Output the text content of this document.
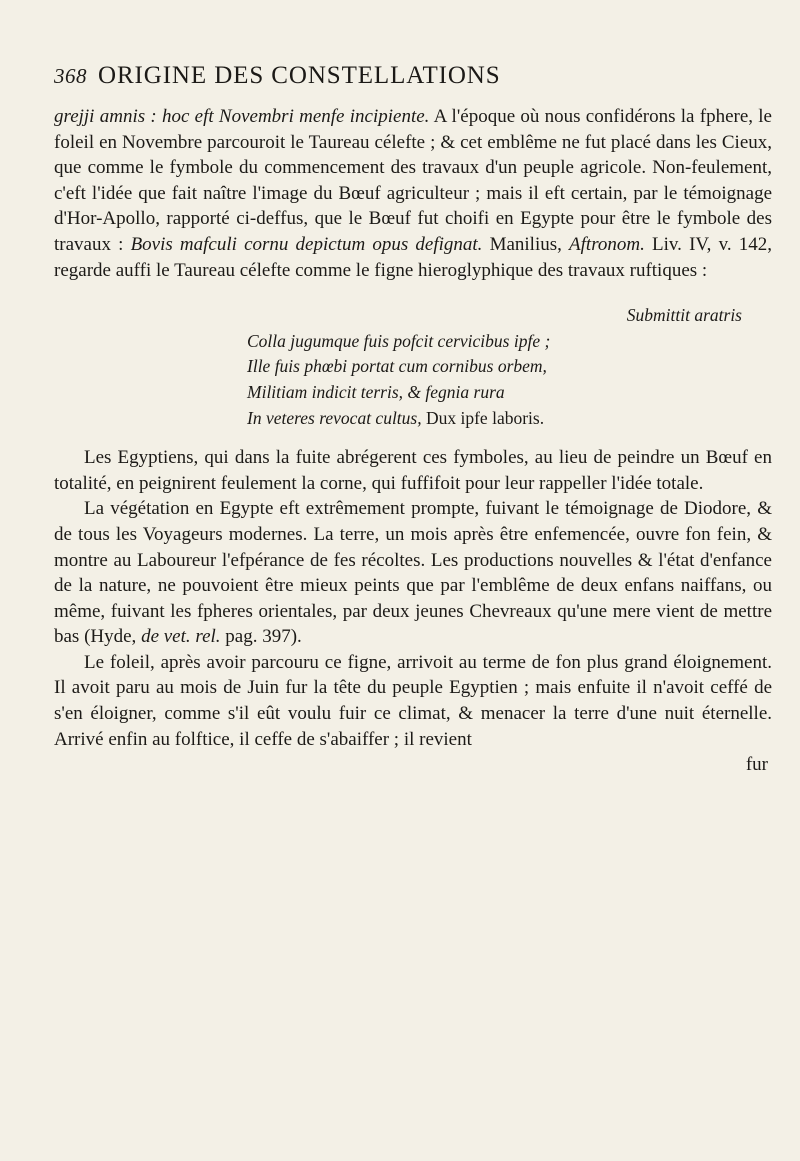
368 ORIGINE DES CONSTELLATIONS

grejji amnis : hoc eft Novembri menfe incipiente. A l'époque où nous confidérons la fphere, le foleil en Novembre parcouroit le Taureau célefte ; & cet emblême ne fut placé dans les Cieux, que comme le fymbole du commencement des travaux d'un peuple agricole. Non-feulement, c'eft l'idée que fait naître l'image du Bœuf agriculteur ; mais il eft certain, par le témoignage d'Hor-Apollo, rapporté ci-deffus, que le Bœuf fut choifi en Egypte pour être le fymbole des travaux : Bovis mafculi cornu depictum opus defignat. Manilius, Aftronom. Liv. IV, v. 142, regarde auffi le Taureau célefte comme le figne hieroglyphique des travaux ruftiques :

Submittit aratris
Colla jugumque fuis pofcit cervicibus ipfe ;
Ille fuis phœbi portat cum cornibus orbem,
Militiam indicit terris, & fegnia rura
In veteres revocat cultus, Dux ipfe laboris.

Les Egyptiens, qui dans la fuite abrégerent ces fymboles, au lieu de peindre un Bœuf en totalité, en peignirent feulement la corne, qui fuffifoit pour leur rappeller l'idée totale.

La végétation en Egypte eft extrêmement prompte, fuivant le témoignage de Diodore, & de tous les Voyageurs modernes. La terre, un mois après être enfemencée, ouvre fon fein, & montre au Laboureur l'efpérance de fes récoltes. Les productions nouvelles & l'état d'enfance de la nature, ne pouvoient être mieux peints que par l'emblême de deux enfans naiffans, ou même, fuivant les fpheres orientales, par deux jeunes Chevreaux qu'une mere vient de mettre bas (Hyde, de vet. rel. pag. 397).

Le foleil, après avoir parcouru ce figne, arrivoit au terme de fon plus grand éloignement. Il avoit paru au mois de Juin fur la tête du peuple Egyptien ; mais enfuite il n'avoit ceffé de s'en éloigner, comme s'il eût voulu fuir ce climat, & menacer la terre d'une nuit éternelle. Arrivé enfin au folftice, il ceffe de s'abaiffer ; il revient

fur
